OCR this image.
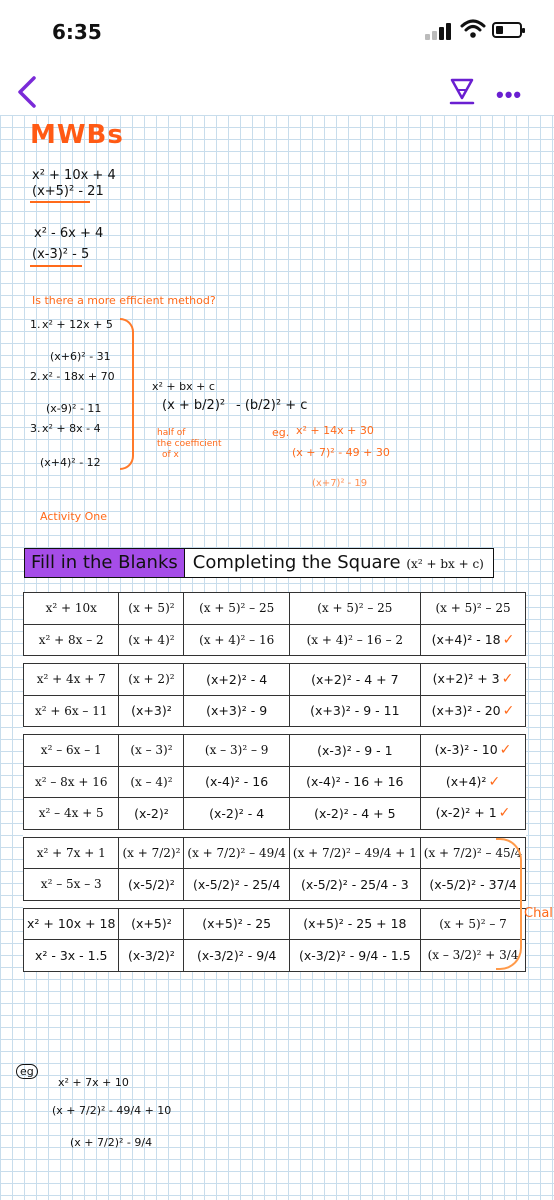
6:35
•••
MWBs
x² + 10x + 4
(x+5)² - 21
x² - 6x + 4
(x-3)² - 5
Is there a more efficient method?
1. x² + 12x + 5
(x+6)² - 31
2. x² - 18x + 70
(x-9)² - 11
3. x² + 8x - 4
(x+4)² - 12
x² + bx + c
(x + b/2)² - (b/2)² + c
half of
the coefficient
of x
eg. x² + 14x + 30
(x + 7)² - 49 + 30
(x+7)² - 19
Activity One
Fill in the Blanks Completing the Square (x² + bx + c)
x² + 10x	(x + 5)²	(x + 5)² – 25	(x + 5)² – 25	(x + 5)² – 25
x² + 8x – 2	(x + 4)²	(x + 4)² – 16	(x + 4)² – 16 – 2	(x+4)² - 18 ✓

x² + 4x + 7	(x + 2)²	(x+2)² - 4	(x+2)² - 4 + 7	(x+2)² + 3 ✓
x² + 6x – 11	(x+3)²	(x+3)² - 9	(x+3)² - 9 - 11	(x+3)² - 20 ✓

x² – 6x – 1	(x – 3)²	(x – 3)² – 9	(x-3)² - 9 - 1	(x-3)² - 10 ✓
x² – 8x + 16	(x – 4)²	(x-4)² - 16	(x-4)² - 16 + 16	(x+4)² ✓
x² – 4x + 5	(x-2)²	(x-2)² - 4	(x-2)² - 4 + 5	(x-2)² + 1 ✓

x² + 7x + 1	(x + 7/2)²	(x + 7/2)² – 49/4	(x + 7/2)² – 49/4 + 1	(x + 7/2)² – 45/4
x² – 5x – 3	(x-5/2)²	(x-5/2)² - 25/4	(x-5/2)² - 25/4 - 3	(x-5/2)² - 37/4

x² + 10x + 18	(x+5)²	(x+5)² - 25	(x+5)² - 25 + 18	(x + 5)² – 7
x² - 3x - 1.5	(x-3/2)²	(x-3/2)² - 9/4	(x-3/2)² - 9/4 - 1.5	(x – 3/2)² + 3/4
Chal
eg
x² + 7x + 10
(x + 7/2)² - 49/4 + 10
(x + 7/2)² - 9/4
